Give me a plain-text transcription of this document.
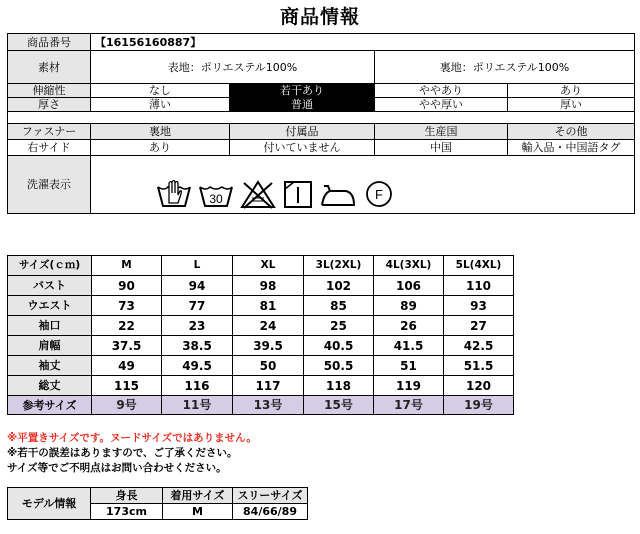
商品情報
商品番号	【16156160887】			
素材	表地：ポリエステル100%		裏地：ポリエステル100%	
伸縮性	なし	若干あり	ややあり	あり
厚さ	薄い	普通	やや厚い	厚い

ファスナー	裏地	付属品	生産国	その他
右サイド	あり	付いていません	中国	輸入品・中国語タグ
洗濯表示				
30	F
サイズ(ｃｍ)	M	L	XL	3L(2XL)	4L(3XL)	5L(4XL)
バスト	90	94	98	102	106	110
ウエスト	73	77	81	85	89	93
袖口	22	23	24	25	26	27
肩幅	37.5	38.5	39.5	40.5	41.5	42.5
袖丈	49	49.5	50	50.5	51	51.5
総丈	115	116	117	118	119	120
参考サイズ	9号	11号	13号	15号	17号	19号
※平置きサイズです。ヌードサイズではありません。
※若干の誤差はありますので、ご了承ください。
サイズ等でご不明点はお問い合わせください。
モデル情報	身長	着用サイズ	スリーサイズ
	173cm	M	84/66/89
